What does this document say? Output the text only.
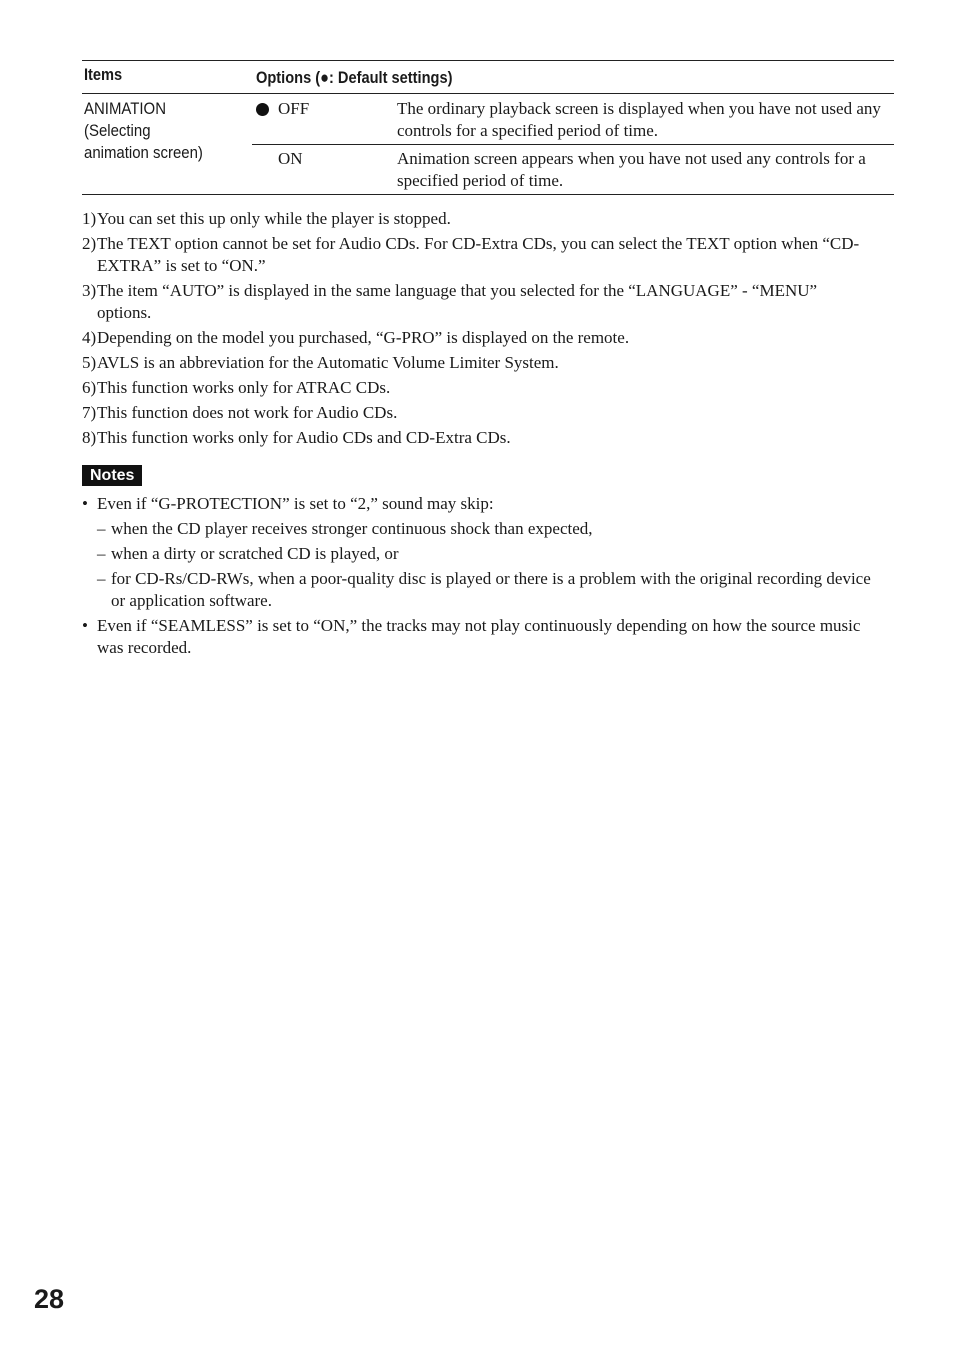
Items	Options (●: Default settings)
ANIMATION
(Selecting
animation screen)
OFF	The ordinary playback screen is displayed when you have not used any controls for a specified period of time.
ON	Animation screen appears when you have not used any controls for a specified period of time.
1) You can set this up only while the player is stopped.
2) The TEXT option cannot be set for Audio CDs. For CD-Extra CDs, you can select the TEXT option when “CD-EXTRA” is set to “ON.”
3) The item “AUTO” is displayed in the same language that you selected for the “LANGUAGE” - “MENU” options.
4) Depending on the model you purchased, “G-PRO” is displayed on the remote.
5) AVLS is an abbreviation for the Automatic Volume Limiter System.
6) This function works only for ATRAC CDs.
7) This function does not work for Audio CDs.
8) This function works only for Audio CDs and CD-Extra CDs.
Notes
• Even if “G-PROTECTION” is set to “2,” sound may skip:
– when the CD player receives stronger continuous shock than expected,
– when a dirty or scratched CD is played, or
– for CD-Rs/CD-RWs, when a poor-quality disc is played or there is a problem with the original recording device or application software.
• Even if “SEAMLESS” is set to “ON,” the tracks may not play continuously depending on how the source music was recorded.
28
